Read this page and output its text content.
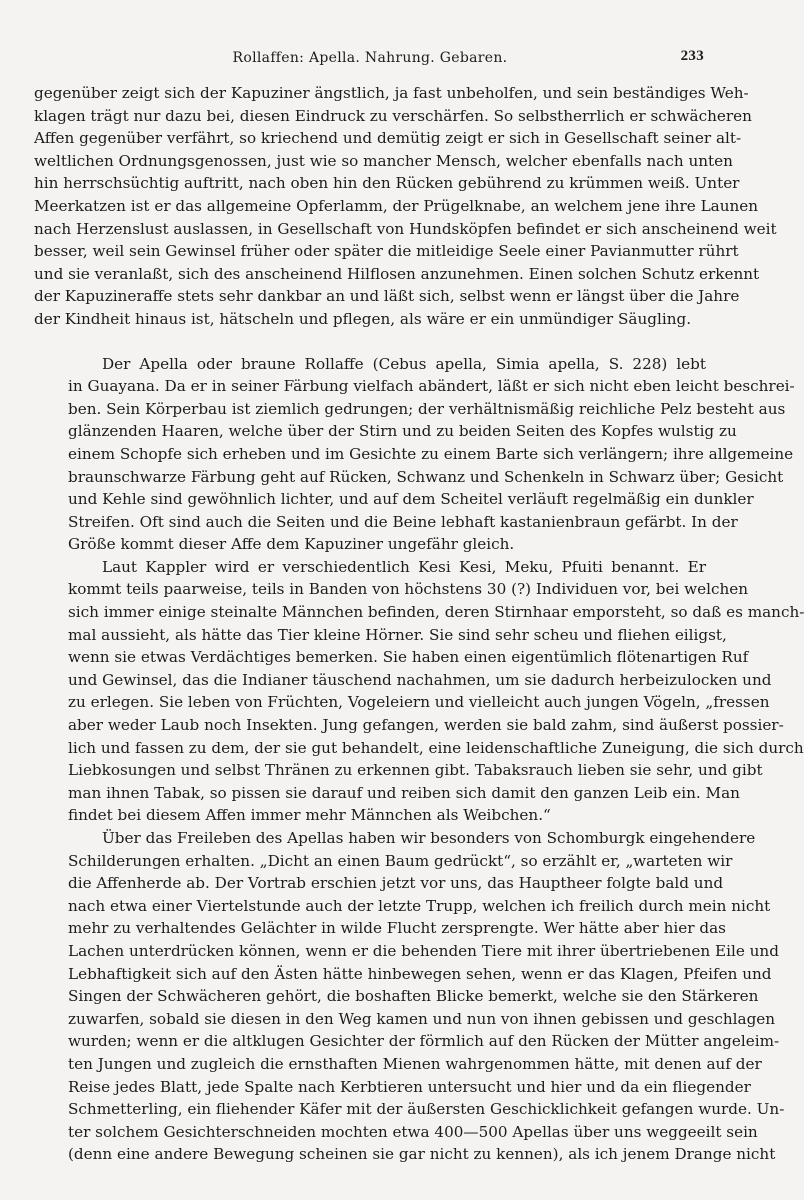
Rollaffen: Apella. Nahrung. Gebaren.	233
gegenüber zeigt sich der Kapuziner ängstlich, ja fast unbeholfen, und sein beständiges Weh-
klagen trägt nur dazu bei, diesen Eindruck zu verschärfen. So selbstherrlich er schwächeren
Affen gegenüber verfährt, so kriechend und demütig zeigt er sich in Gesellschaft seiner alt-
weltlichen Ordnungsgenossen, just wie so mancher Mensch, welcher ebenfalls nach unten
hin herrschsüchtig auftritt, nach oben hin den Rücken gebührend zu krümmen weiß. Unter
Meerkatzen ist er das allgemeine Opferlamm, der Prügelknabe, an welchem jene ihre Launen
nach Herzenslust auslassen, in Gesellschaft von Hundsköpfen befindet er sich anscheinend weit
besser, weil sein Gewinsel früher oder später die mitleidige Seele einer Pavianmutter rührt
und sie veranlaßt, sich des anscheinend Hilflosen anzunehmen. Einen solchen Schutz erkennt
der Kapuzineraffe stets sehr dankbar an und läßt sich, selbst wenn er längst über die Jahre
der Kindheit hinaus ist, hätscheln und pflegen, als wäre er ein unmündiger Säugling.
Der Apella oder braune Rollaffe (Cebus apella, Simia apella, S. 228) lebt
in Guayana. Da er in seiner Färbung vielfach abändert, läßt er sich nicht eben leicht beschrei-
ben. Sein Körperbau ist ziemlich gedrungen; der verhältnismäßig reichliche Pelz besteht aus
glänzenden Haaren, welche über der Stirn und zu beiden Seiten des Kopfes wulstig zu
einem Schopfe sich erheben und im Gesichte zu einem Barte sich verlängern; ihre allgemeine
braunschwarze Färbung geht auf Rücken, Schwanz und Schenkeln in Schwarz über; Gesicht
und Kehle sind gewöhnlich lichter, und auf dem Scheitel verläuft regelmäßig ein dunkler
Streifen. Oft sind auch die Seiten und die Beine lebhaft kastanienbraun gefärbt. In der
Größe kommt dieser Affe dem Kapuziner ungefähr gleich.
Laut Kappler wird er verschiedentlich Kesi Kesi, Meku, Pfuiti benannt. Er
kommt teils paarweise, teils in Banden von höchstens 30 (?) Individuen vor, bei welchen
sich immer einige steinalte Männchen befinden, deren Stirnhaar emporsteht, so daß es manch-
mal aussieht, als hätte das Tier kleine Hörner. Sie sind sehr scheu und fliehen eiligst,
wenn sie etwas Verdächtiges bemerken. Sie haben einen eigentümlich flötenartigen Ruf
und Gewinsel, das die Indianer täuschend nachahmen, um sie dadurch herbeizulocken und
zu erlegen. Sie leben von Früchten, Vogeleiern und vielleicht auch jungen Vögeln, „fressen
aber weder Laub noch Insekten. Jung gefangen, werden sie bald zahm, sind äußerst possier-
lich und fassen zu dem, der sie gut behandelt, eine leidenschaftliche Zuneigung, die sich durch
Liebkosungen und selbst Thränen zu erkennen gibt. Tabaksrauch lieben sie sehr, und gibt
man ihnen Tabak, so pissen sie darauf und reiben sich damit den ganzen Leib ein. Man
findet bei diesem Affen immer mehr Männchen als Weibchen.“
Über das Freileben des Apellas haben wir besonders von Schomburgk eingehendere
Schilderungen erhalten. „Dicht an einen Baum gedrückt“, so erzählt er, „warteten wir
die Affenherde ab. Der Vortrab erschien jetzt vor uns, das Hauptheer folgte bald und
nach etwa einer Viertelstunde auch der letzte Trupp, welchen ich freilich durch mein nicht
mehr zu verhaltendes Gelächter in wilde Flucht zersprengte. Wer hätte aber hier das
Lachen unterdrücken können, wenn er die behenden Tiere mit ihrer übertriebenen Eile und
Lebhaftigkeit sich auf den Ästen hätte hinbewegen sehen, wenn er das Klagen, Pfeifen und
Singen der Schwächeren gehört, die boshaften Blicke bemerkt, welche sie den Stärkeren
zuwarfen, sobald sie diesen in den Weg kamen und nun von ihnen gebissen und geschlagen
wurden; wenn er die altklugen Gesichter der förmlich auf den Rücken der Mütter angeleim-
ten Jungen und zugleich die ernsthaften Mienen wahrgenommen hätte, mit denen auf der
Reise jedes Blatt, jede Spalte nach Kerbtieren untersucht und hier und da ein fliegender
Schmetterling, ein fliehender Käfer mit der äußersten Geschicklichkeit gefangen wurde. Un-
ter solchem Gesichterschneiden mochten etwa 400—500 Apellas über uns weggeeilt sein
(denn eine andere Bewegung scheinen sie gar nicht zu kennen), als ich jenem Drange nicht
